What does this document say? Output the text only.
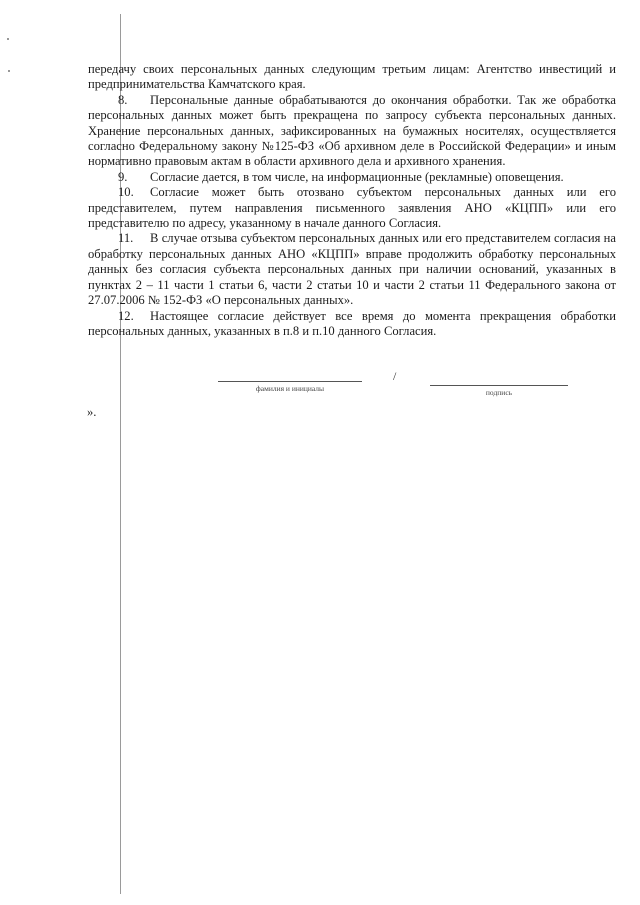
передачу своих персональных данных следующим третьим лицам: Агентство инвестиций и предпринимательства Камчатского края.

8. Персональные данные обрабатываются до окончания обработки. Так же обработка персональных данных может быть прекращена по запросу субъекта персональных данных. Хранение персональных данных, зафиксированных на бумажных носителях, осуществляется согласно Федеральному закону №125-ФЗ «Об архивном деле в Российской Федерации» и иным нормативно правовым актам в области архивного дела и архивного хранения.

9. Согласие дается, в том числе, на информационные (рекламные) оповещения.

10. Согласие может быть отозвано субъектом персональных данных или его представителем, путем направления письменного заявления АНО «КЦПП» или его представителю по адресу, указанному в начале данного Согласия.

11. В случае отзыва субъектом персональных данных или его представителем согласия на обработку персональных данных АНО «КЦПП» вправе продолжить обработку персональных данных без согласия субъекта персональных данных при наличии оснований, указанных в пунктах 2 – 11 части 1 статьи 6, части 2 статьи 10 и части 2 статьи 11 Федерального закона от 27.07.2006 № 152-ФЗ «О персональных данных».

12. Настоящее согласие действует все время до момента прекращения обработки персональных данных, указанных в п.8 и п.10 данного Согласия.

фамилия и инициалы
/
подпись
».
